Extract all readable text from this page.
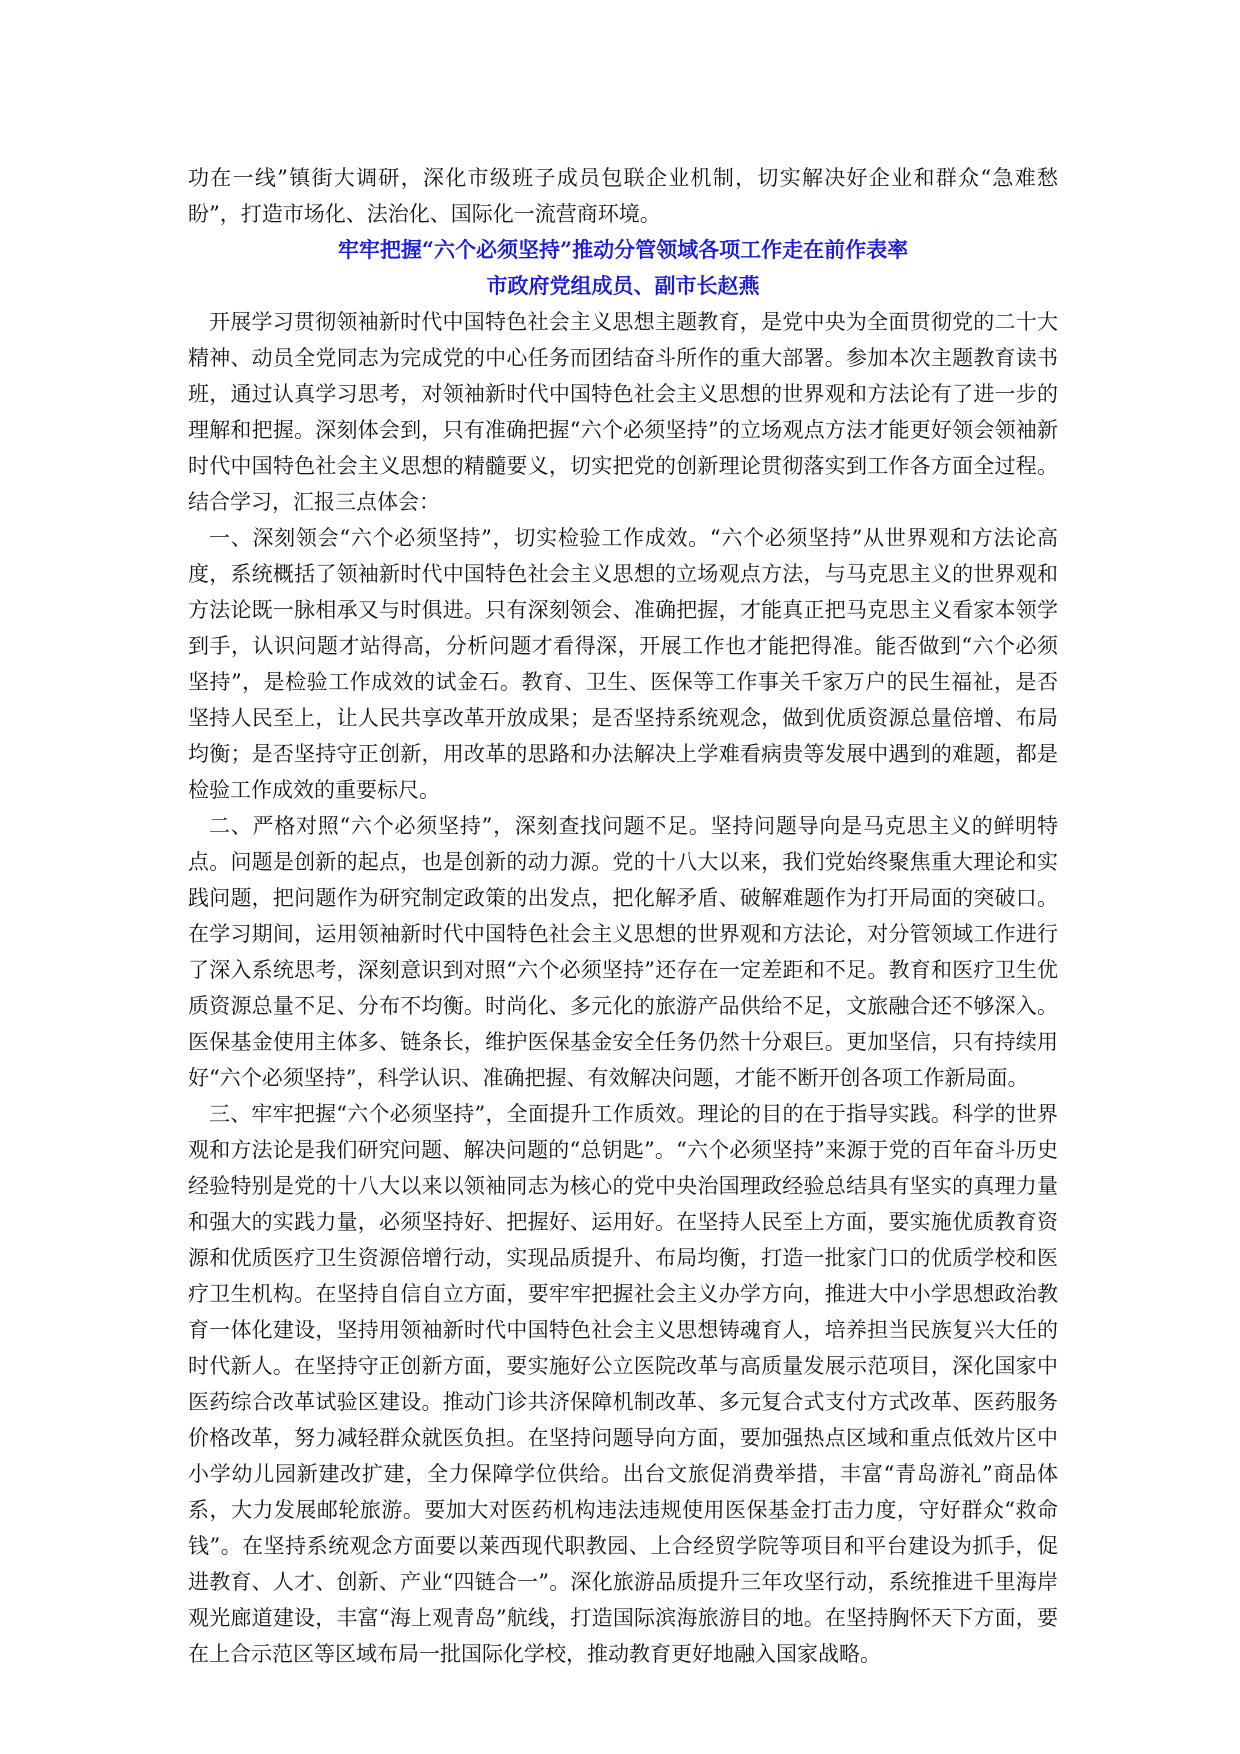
功在一线”镇街大调研，深化市级班子成员包联企业机制，切实解决好企业和群众“急难愁盼”，打造市场化、法治化、国际化一流营商环境。

牢牢把握“六个必须坚持”推动分管领域各项工作走在前作表率
市政府党组成员、副市长赵燕

开展学习贯彻领袖新时代中国特色社会主义思想主题教育，是党中央为全面贯彻党的二十大精神、动员全党同志为完成党的中心任务而团结奋斗所作的重大部署。参加本次主题教育读书班，通过认真学习思考，对领袖新时代中国特色社会主义思想的世界观和方法论有了进一步的理解和把握。深刻体会到，只有准确把握“六个必须坚持”的立场观点方法才能更好领会领袖新时代中国特色社会主义思想的精髓要义，切实把党的创新理论贯彻落实到工作各方面全过程。结合学习，汇报三点体会：

一、深刻领会“六个必须坚持”，切实检验工作成效。“六个必须坚持”从世界观和方法论高度，系统概括了领袖新时代中国特色社会主义思想的立场观点方法，与马克思主义的世界观和方法论既一脉相承又与时俱进。只有深刻领会、准确把握，才能真正把马克思主义看家本领学到手，认识问题才站得高，分析问题才看得深，开展工作也才能把得准。能否做到“六个必须坚持”，是检验工作成效的试金石。教育、卫生、医保等工作事关千家万户的民生福祉，是否坚持人民至上，让人民共享改革开放成果；是否坚持系统观念，做到优质资源总量倍增、布局均衡；是否坚持守正创新，用改革的思路和办法解决上学难看病贵等发展中遇到的难题，都是检验工作成效的重要标尺。

二、严格对照“六个必须坚持”，深刻查找问题不足。坚持问题导向是马克思主义的鲜明特点。问题是创新的起点，也是创新的动力源。党的十八大以来，我们党始终聚焦重大理论和实践问题，把问题作为研究制定政策的出发点，把化解矛盾、破解难题作为打开局面的突破口。在学习期间，运用领袖新时代中国特色社会主义思想的世界观和方法论，对分管领域工作进行了深入系统思考，深刻意识到对照“六个必须坚持”还存在一定差距和不足。教育和医疗卫生优质资源总量不足、分布不均衡。时尚化、多元化的旅游产品供给不足，文旅融合还不够深入。医保基金使用主体多、链条长，维护医保基金安全任务仍然十分艰巨。更加坚信，只有持续用好“六个必须坚持”，科学认识、准确把握、有效解决问题，才能不断开创各项工作新局面。

三、牢牢把握“六个必须坚持”，全面提升工作质效。理论的目的在于指导实践。科学的世界观和方法论是我们研究问题、解决问题的“总钥匙”。“六个必须坚持”来源于党的百年奋斗历史经验特别是党的十八大以来以领袖同志为核心的党中央治国理政经验总结具有坚实的真理力量和强大的实践力量，必须坚持好、把握好、运用好。在坚持人民至上方面，要实施优质教育资源和优质医疗卫生资源倍增行动，实现品质提升、布局均衡，打造一批家门口的优质学校和医疗卫生机构。在坚持自信自立方面，要牢牢把握社会主义办学方向，推进大中小学思想政治教育一体化建设，坚持用领袖新时代中国特色社会主义思想铸魂育人，培养担当民族复兴大任的时代新人。在坚持守正创新方面，要实施好公立医院改革与高质量发展示范项目，深化国家中医药综合改革试验区建设。推动门诊共济保障机制改革、多元复合式支付方式改革、医药服务价格改革，努力减轻群众就医负担。在坚持问题导向方面，要加强热点区域和重点低效片区中小学幼儿园新建改扩建，全力保障学位供给。出台文旅促消费举措，丰富“青岛游礼”商品体系，大力发展邮轮旅游。要加大对医药机构违法违规使用医保基金打击力度，守好群众“救命钱”。在坚持系统观念方面要以莱西现代职教园、上合经贸学院等项目和平台建设为抓手，促进教育、人才、创新、产业“四链合一”。深化旅游品质提升三年攻坚行动，系统推进千里海岸观光廊道建设，丰富“海上观青岛”航线，打造国际滨海旅游目的地。在坚持胸怀天下方面，要在上合示范区等区域布局一批国际化学校，推动教育更好地融入国家战略。
